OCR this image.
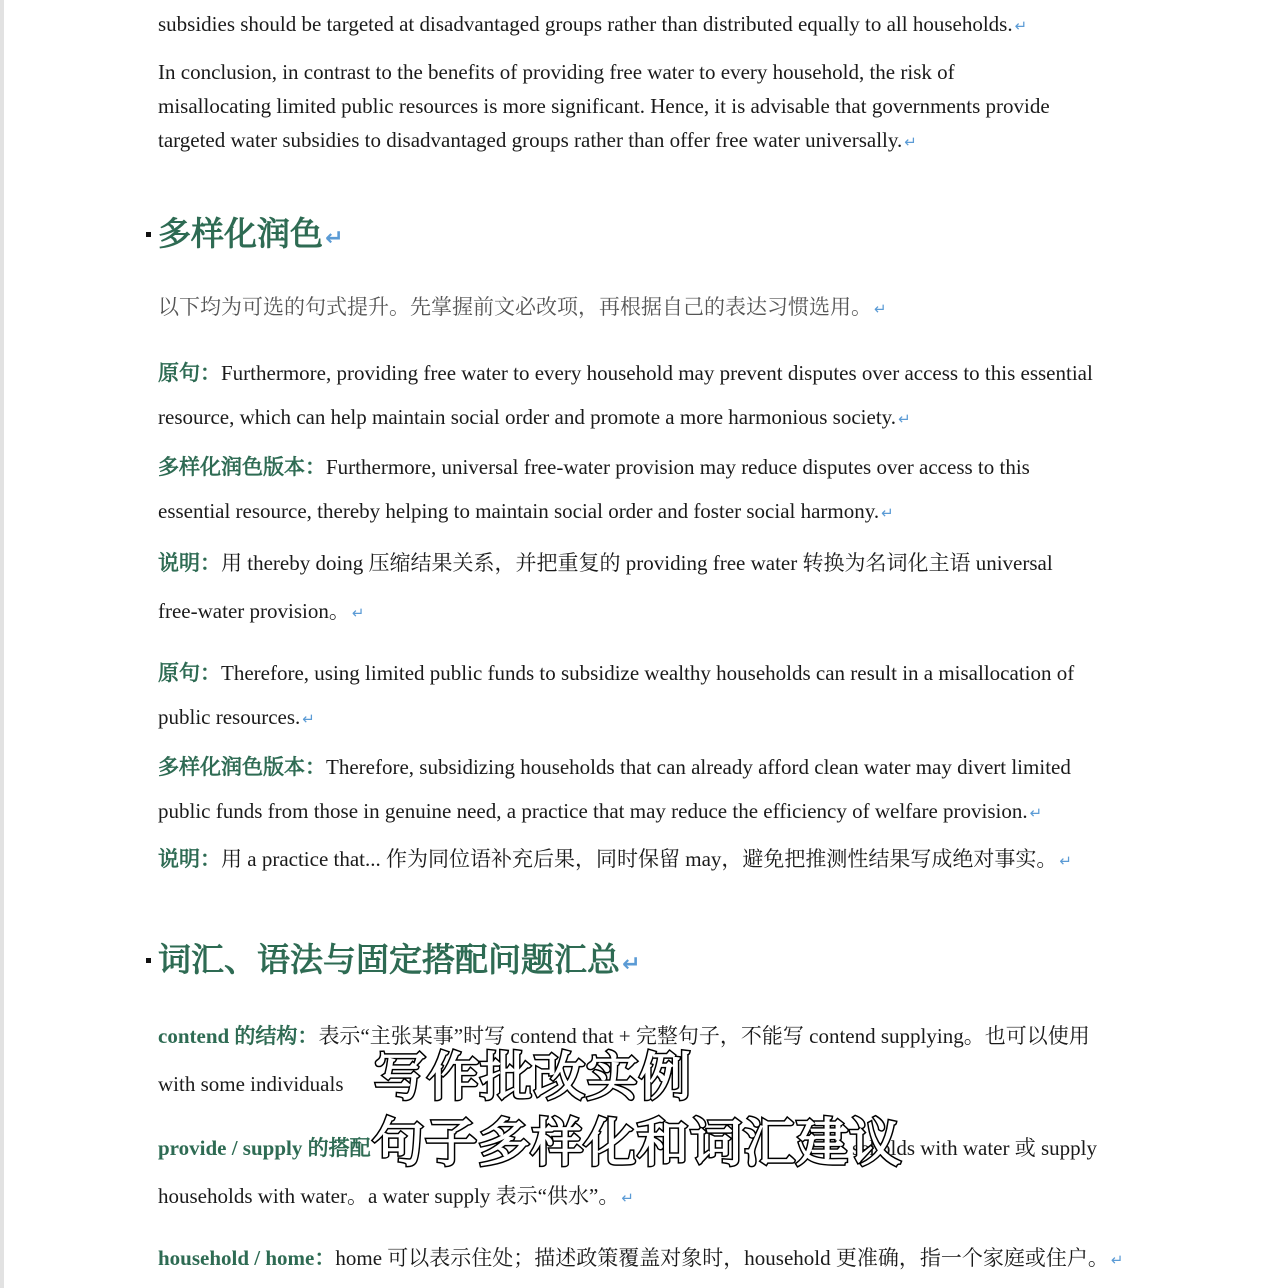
subsidies should be targeted at disadvantaged groups rather than distributed equally to all households. ↵
In conclusion, in contrast to the benefits of providing free water to every household, the risk of
misallocating limited public resources is more significant. Hence, it is advisable that governments provide
targeted water subsidies to disadvantaged groups rather than offer free water universally. ↵
多样化润色↵
以下均为可选的句式提升。先掌握前文必改项，再根据自己的表达习惯选用。 ↵
原句：Furthermore, providing free water to every household may prevent disputes over access to this essential
resource, which can help maintain social order and promote a more harmonious society. ↵
多样化润色版本：Furthermore, universal free-water provision may reduce disputes over access to this
essential resource, thereby helping to maintain social order and foster social harmony. ↵
说明：用 thereby doing 压缩结果关系，并把重复的 providing free water 转换为名词化主语 universal
free-water provision。 ↵
原句：Therefore, using limited public funds to subsidize wealthy households can result in a misallocation of
public resources. ↵
多样化润色版本：Therefore, subsidizing households that can already afford clean water may divert limited
public funds from those in genuine need, a practice that may reduce the efficiency of welfare provision. ↵
说明：用 a practice that... 作为同位语补充后果，同时保留 may，避免把推测性结果写成绝对事实。 ↵
词汇、语法与固定搭配问题汇总↵
contend 的结构：表示“主张某事”时写 contend that + 完整句子，不能写 contend supplying。也可以使用
with some individuals
provide / supply 的搭配	seholds with water 或 supply
households with water。a water supply 表示“供水”。 ↵
household / home：home 可以表示住处；描述政策覆盖对象时，household 更准确，指一个家庭或住户。 ↵
写作批改实例
句子多样化和词汇建议
